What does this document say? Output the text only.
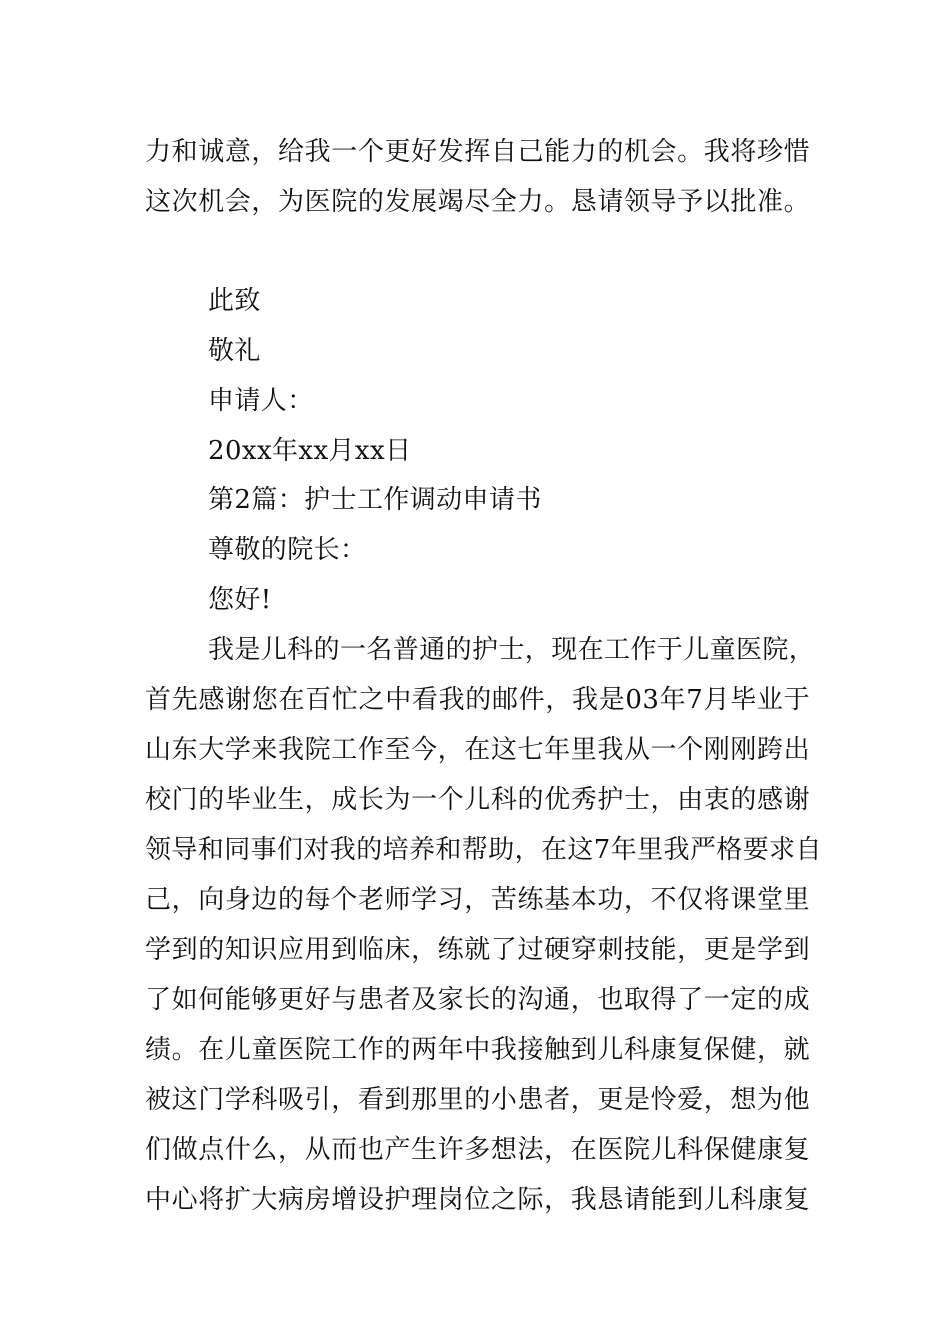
力和诚意，给我一个更好发挥自己能力的机会。我将珍惜
这次机会，为医院的发展竭尽全力。恳请领导予以批准。
此致
敬礼
申请人：
20xx年xx月xx日
第2篇：护士工作调动申请书
尊敬的院长：
您好!
我是儿科的一名普通的护士，现在工作于儿童医院，
首先感谢您在百忙之中看我的邮件，我是03年7月毕业于
山东大学来我院工作至今，在这七年里我从一个刚刚跨出
校门的毕业生，成长为一个儿科的优秀护士，由衷的感谢
领导和同事们对我的培养和帮助，在这7年里我严格要求自
己，向身边的每个老师学习，苦练基本功，不仅将课堂里
学到的知识应用到临床，练就了过硬穿刺技能，更是学到
了如何能够更好与患者及家长的沟通，也取得了一定的成
绩。在儿童医院工作的两年中我接触到儿科康复保健，就
被这门学科吸引，看到那里的小患者，更是怜爱，想为他
们做点什么，从而也产生许多想法，在医院儿科保健康复
中心将扩大病房增设护理岗位之际，我恳请能到儿科康复
